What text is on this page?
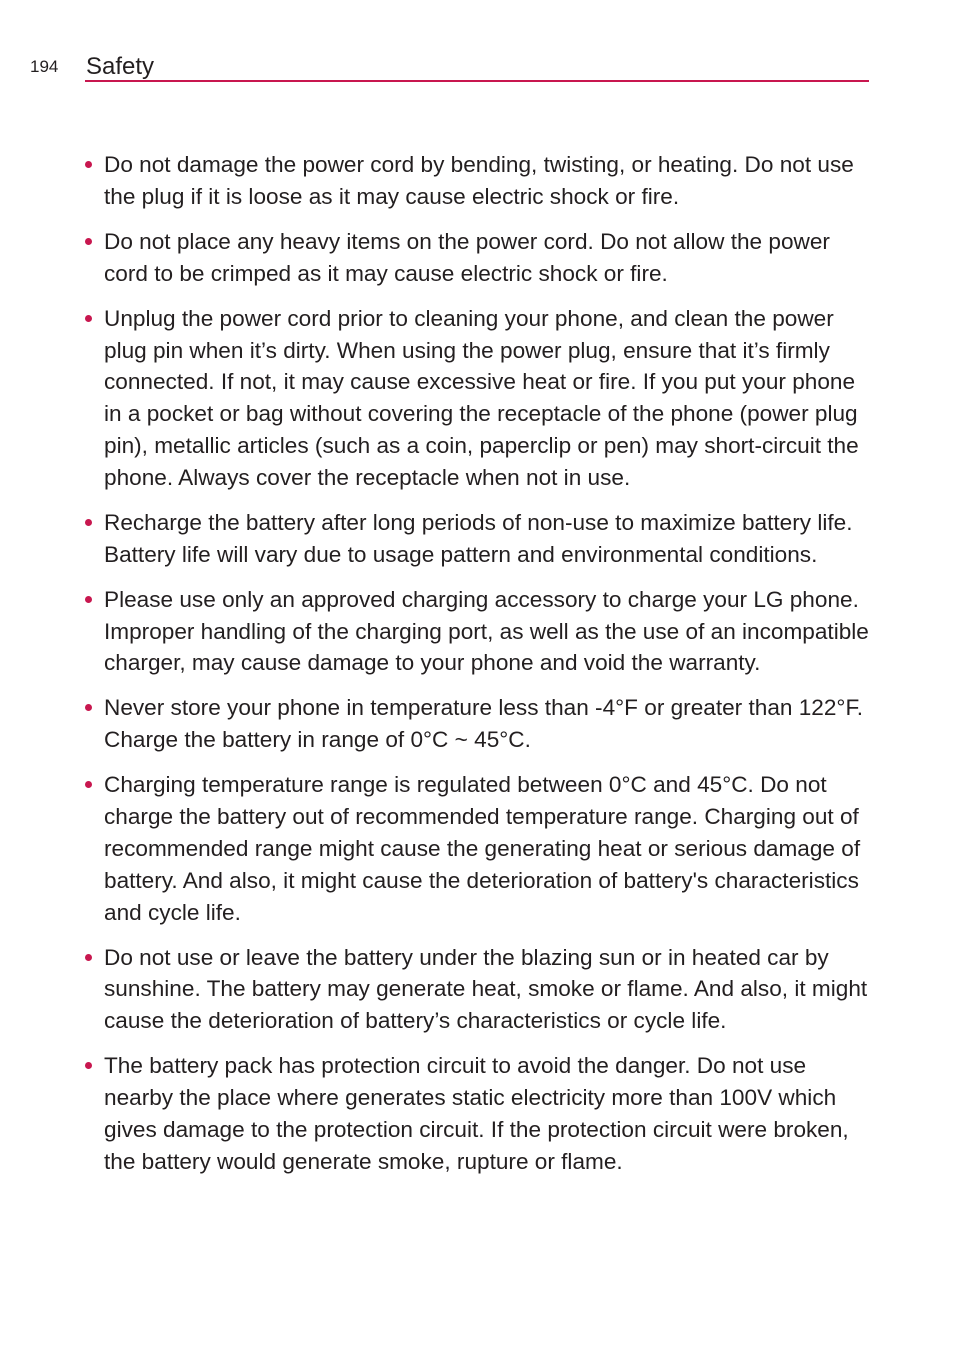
194 Safety
Do not damage the power cord by bending, twisting, or heating. Do not use the plug if it is loose as it may cause electric shock or fire.
Do not place any heavy items on the power cord. Do not allow the power cord to be crimped as it may cause electric shock or fire.
Unplug the power cord prior to cleaning your phone, and clean the power plug pin when it’s dirty. When using the power plug, ensure that it’s firmly connected. If not, it may cause excessive heat or fire. If you put your phone in a pocket or bag without covering the receptacle of the phone (power plug pin), metallic articles (such as a coin, paperclip or pen) may short-circuit the phone. Always cover the receptacle when not in use.
Recharge the battery after long periods of non-use to maximize battery life. Battery life will vary due to usage pattern and environmental conditions.
Please use only an approved charging accessory to charge your LG phone. Improper handling of the charging port, as well as the use of an incompatible charger, may cause damage to your phone and void the warranty.
Never store your phone in temperature less than -4°F or greater than 122°F. Charge the battery in range of 0°C ~ 45°C.
Charging temperature range is regulated between 0°C and 45°C. Do not charge the battery out of recommended temperature range. Charging out of recommended range might cause the generating heat or serious damage of battery. And also, it might cause the deterioration of battery's characteristics and cycle life.
Do not use or leave the battery under the blazing sun or in heated car by sunshine. The battery may generate heat, smoke or flame. And also, it might cause the deterioration of battery’s characteristics or cycle life.
The battery pack has protection circuit to avoid the danger. Do not use nearby the place where generates static electricity more than 100V which gives damage to the protection circuit. If the protection circuit were broken, the battery would generate smoke, rupture or flame.
